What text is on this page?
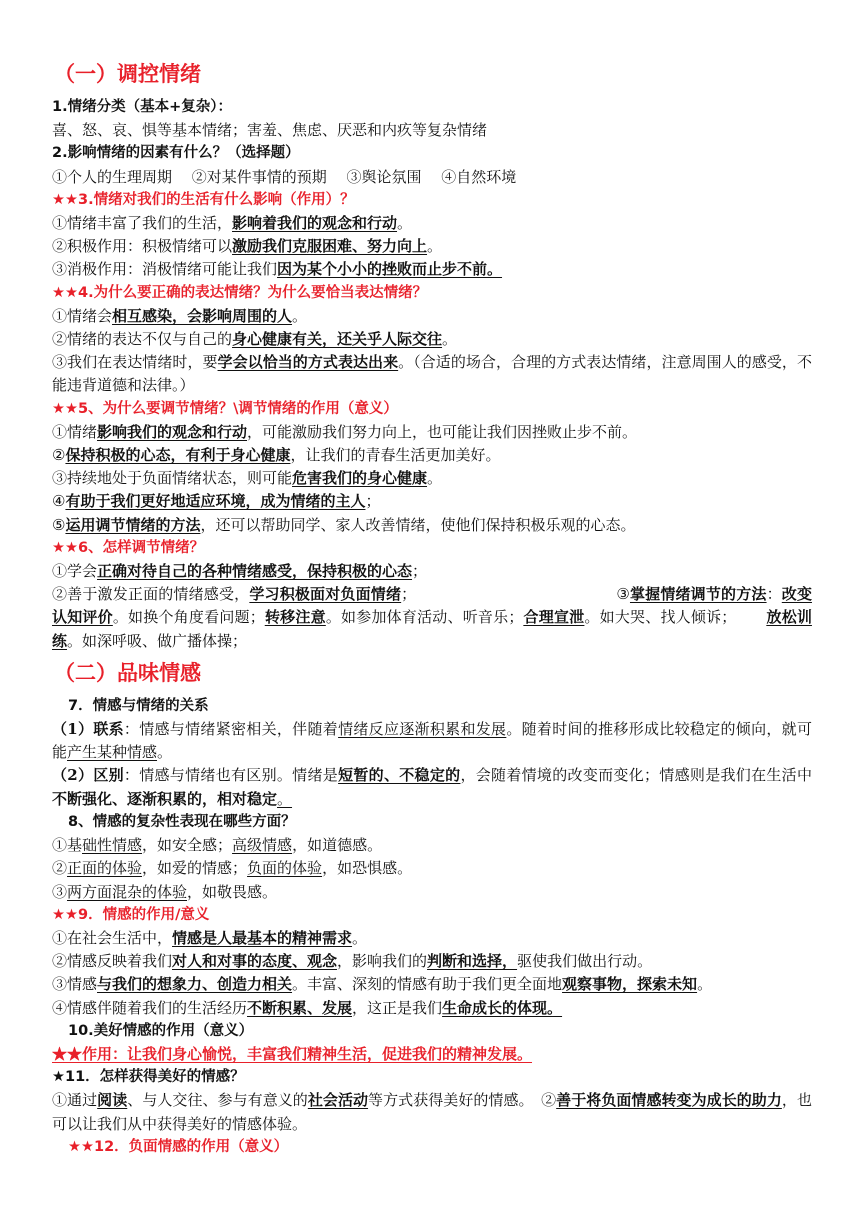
（一）调控情绪
1.情绪分类（基本+复杂）：
喜、怒、哀、惧等基本情绪；害羞、焦虑、厌恶和内疚等复杂情绪
2.影响情绪的因素有什么？（选择题）
①个人的生理周期　 ②对某件事情的预期　 ③舆论氛围　 ④自然环境
★★3.情绪对我们的生活有什么影响（作用）？
①情绪丰富了我们的生活，影响着我们的观念和行动。
②积极作用：积极情绪可以激励我们克服困难、努力向上。
③消极作用：消极情绪可能让我们因为某个小小的挫败而止步不前。
★★4.为什么要正确的表达情绪？为什么要恰当表达情绪？
①情绪会相互感染，会影响周围的人。
②情绪的表达不仅与自己的身心健康有关，还关乎人际交往。
③我们在表达情绪时，要学会以恰当的方式表达出来。（合适的场合，合理的方式表达情绪，注意周围人的感受，不能违背道德和法律。）
★★5、为什么要调节情绪？\调节情绪的作用（意义）
①情绪影响我们的观念和行动，可能激励我们努力向上，也可能让我们因挫败止步不前。
②保持积极的心态，有利于身心健康，让我们的青春生活更加美好。
③持续地处于负面情绪状态，则可能危害我们的身心健康。
④有助于我们更好地适应环境，成为情绪的主人；
⑤运用调节情绪的方法，还可以帮助同学、家人改善情绪，使他们保持积极乐观的心态。
★★6、怎样调节情绪？
①学会正确对待自己的各种情绪感受，保持积极的心态；
②善于激发正面的情绪感受，学习积极面对负面情绪；	③掌握情绪调节的方法：改变认知评价。如换个角度看问题；转移注意。如参加体育活动、听音乐；合理宣泄。如大哭、找人倾诉； 放松训练。如深呼吸、做广播体操；
（二）品味情感
7．情感与情绪的关系
（1）联系：情感与情绪紧密相关，伴随着情绪反应逐渐积累和发展。随着时间的推移形成比较稳定的倾向，就可能产生某种情感。
（2）区别：情感与情绪也有区别。情绪是短暂的、不稳定的，会随着情境的改变而变化；情感则是我们在生活中不断强化、逐渐积累的，相对稳定。
8、情感的复杂性表现在哪些方面？
①基础性情感，如安全感；高级情感，如道德感。
②正面的体验，如爱的情感；负面的体验，如恐惧感。
③两方面混杂的体验，如敬畏感。
★★9．情感的作用/意义
①在社会生活中，情感是人最基本的精神需求。
②情感反映着我们对人和对事的态度、观念，影响我们的判断和选择，驱使我们做出行动。
③情感与我们的想象力、创造力相关。丰富、深刻的情感有助于我们更全面地观察事物，探索未知。
④情感伴随着我们的生活经历不断积累、发展，这正是我们生命成长的体现。
10.美好情感的作用（意义）
★★作用：让我们身心愉悦，丰富我们精神生活，促进我们的精神发展。
★11．怎样获得美好的情感？
①通过阅读、与人交往、参与有意义的社会活动等方式获得美好的情感。　②善于将负面情感转变为成长的助力，也可以让我们从中获得美好的情感体验。
★★12．负面情感的作用（意义）
